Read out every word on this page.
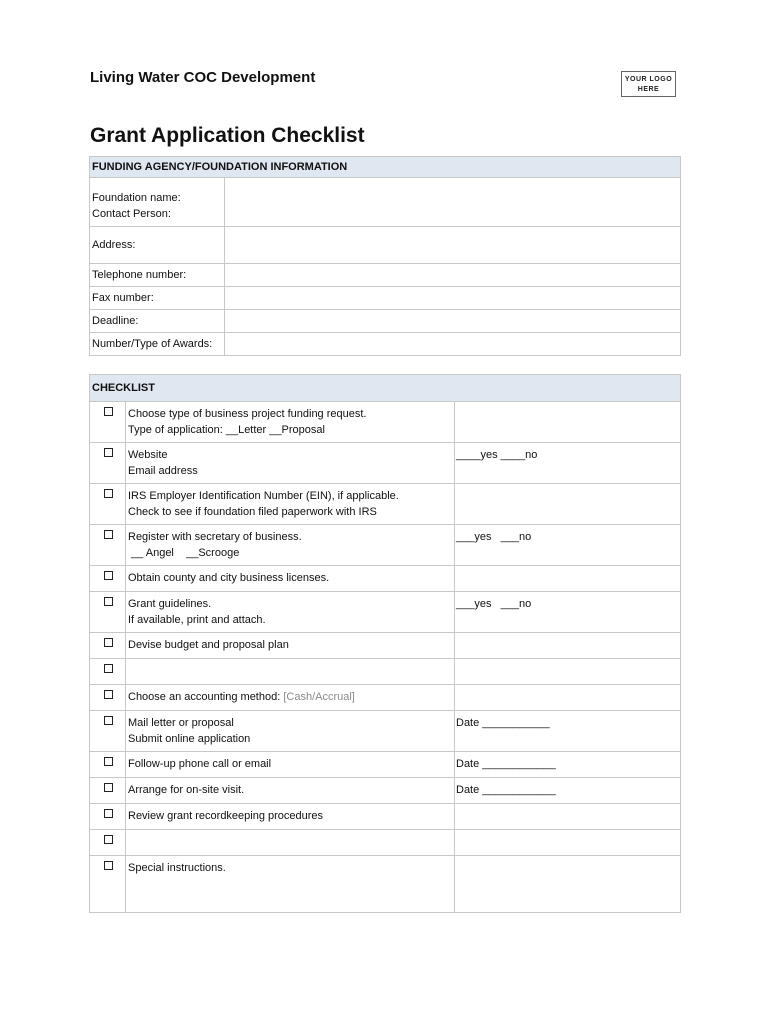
Living Water COC Development	YOUR LOGO
HERE
Grant Application Checklist
FUNDING AGENCY/FOUNDATION INFORMATION	

Foundation name:
Contact Person:	

Address:	
Telephone number:	
Fax number:	
Deadline:	
Number/Type of Awards:	
CHECKLIST		

	Choose type of business project funding request.
Type of application: __Letter __Proposal	

	Website
Email address	____yes ____no

	IRS Employer Identification Number (EIN), if applicable.
Check to see if foundation filed paperwork with IRS	

	Register with secretary of business.
__ Angel    __Scrooge	___yes   ___no

	Obtain county and city business licenses.	

	Grant guidelines.
If available, print and attach.	___yes   ___no

	Devise budget and proposal plan	

	Choose an accounting method: [Cash/Accrual]	

	Mail letter or proposal
Submit online application	Date ___________

	Follow-up phone call or email	Date ____________

	Arrange for on-site visit.	Date ____________

	Review grant recordkeeping procedures	

	Special instructions.	
